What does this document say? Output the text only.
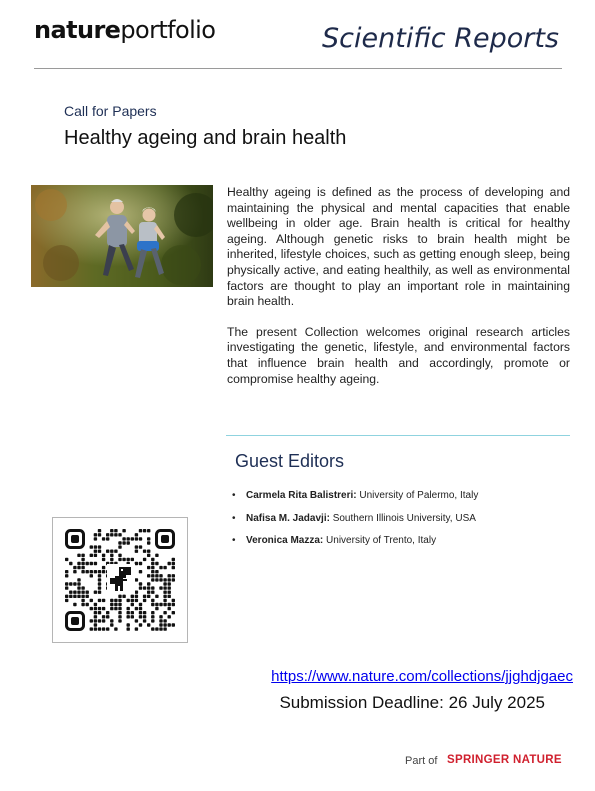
natureportfolio	Scientific Reports
Call for Papers
Healthy ageing and brain health

Healthy ageing is defined as the process of developing and maintaining the physical and mental capacities that enable wellbeing in older age. Brain health is critical for healthy ageing. Although genetic risks to brain health might be inherited, lifestyle choices, such as getting enough sleep, being physically active, and eating healthily, as well as environmental factors are thought to play an important role in maintaining brain health.

The present Collection welcomes original research articles investigating the genetic, lifestyle, and environmental factors that influence brain health and accordingly, promote or compromise healthy ageing.

Guest Editors
• Carmela Rita Balistreri: University of Palermo, Italy
• Nafisa M. Jadavji: Southern Illinois University, USA
• Veronica Mazza: University of Trento, Italy
https://www.nature.com/collections/jjghdjgaec
Submission Deadline: 26 July 2025
Part of SPRINGER NATURE
